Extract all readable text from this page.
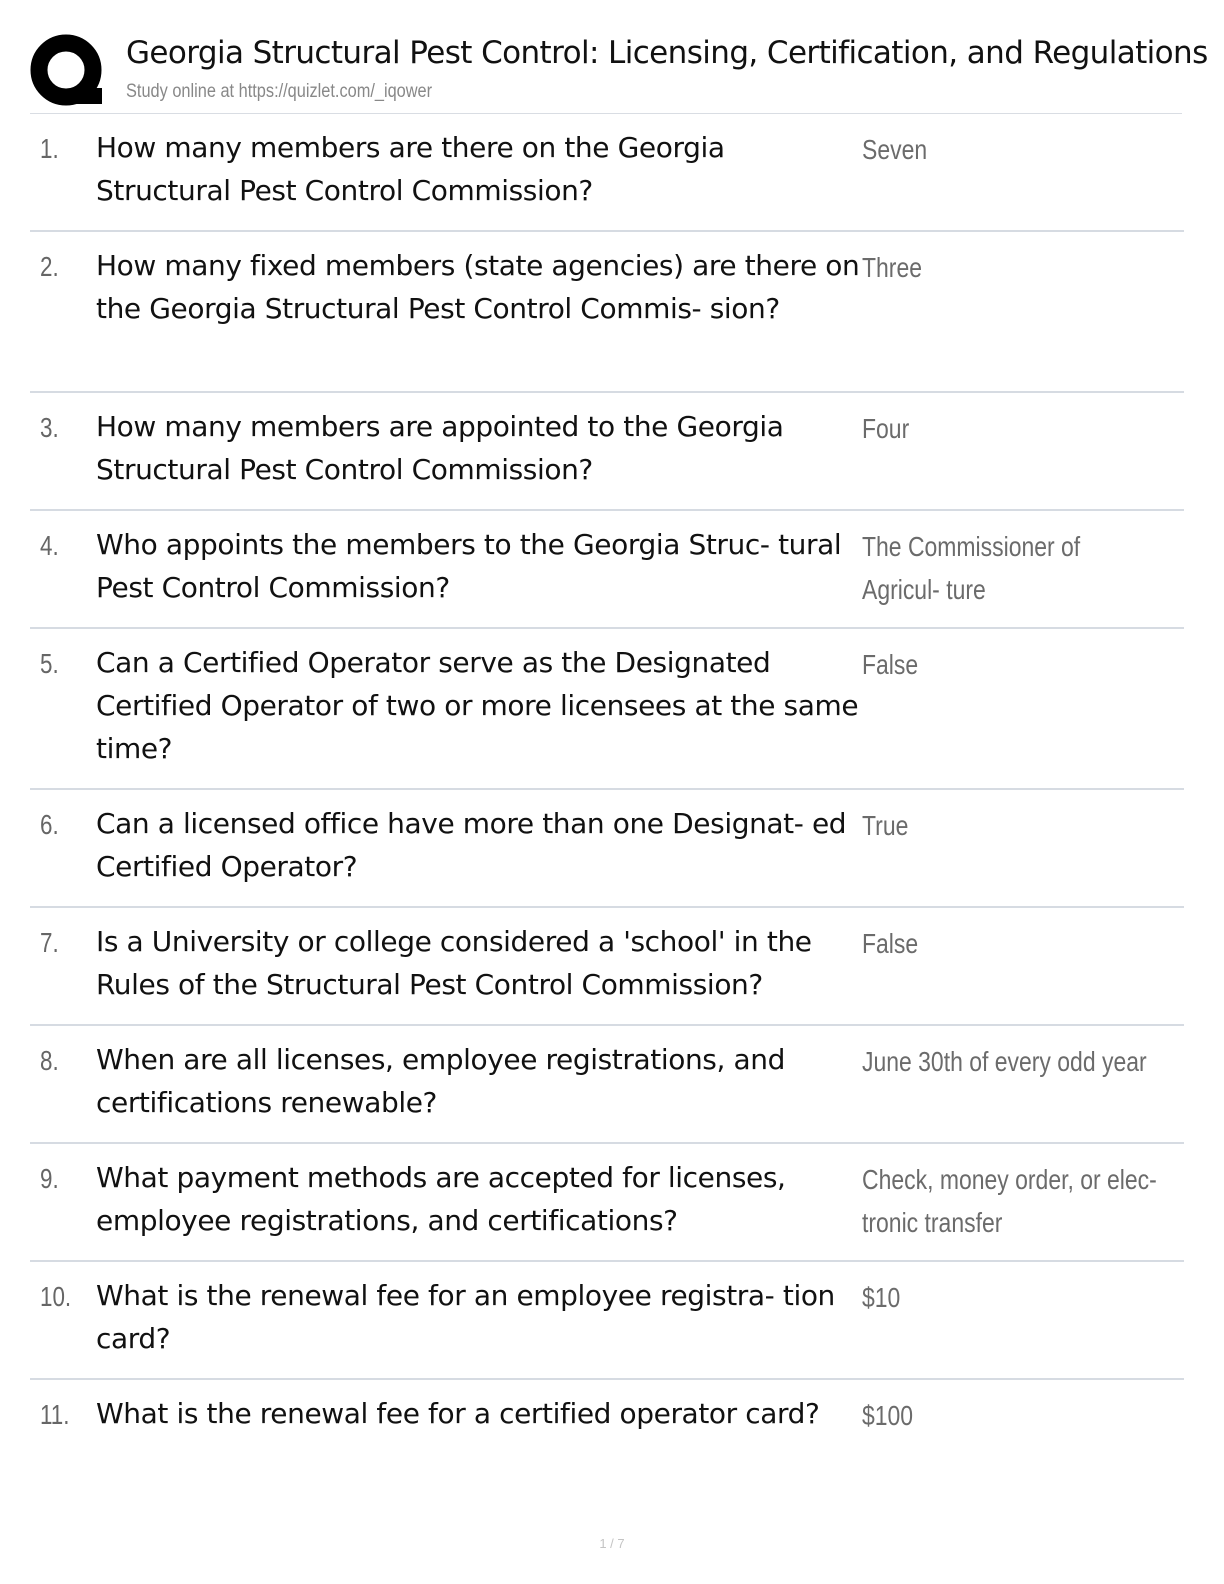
Georgia Structural Pest Control: Licensing, Certification, and Regulations
Study online at https://quizlet.com/_iqower
1. How many members are there on the Georgia Structural Pest Control Commission?

Seven

2. How many fixed members (state agencies) are there on the Georgia Structural Pest Control Commis- sion?

Three

3. How many members are appointed to the Georgia Structural Pest Control Commission?

Four

4. Who appoints the members to the Georgia Struc- tural Pest Control Commission?

The Commissioner of Agricul- ture

5. Can a Certified Operator serve as the Designated Certified Operator of two or more licensees at the same time?

False

6. Can a licensed office have more than one Designat- ed Certified Operator?

True

7. Is a University or college considered a 'school' in the Rules of the Structural Pest Control Commission?

False

8. When are all licenses, employee registrations, and certifications renewable?

June 30th of every odd year

9. What payment methods are accepted for licenses, employee registrations, and certifications?

Check, money order, or elec- tronic transfer

10. What is the renewal fee for an employee registra- tion card?

$10

11. What is the renewal fee for a certified operator card?	$100

1 / 7
